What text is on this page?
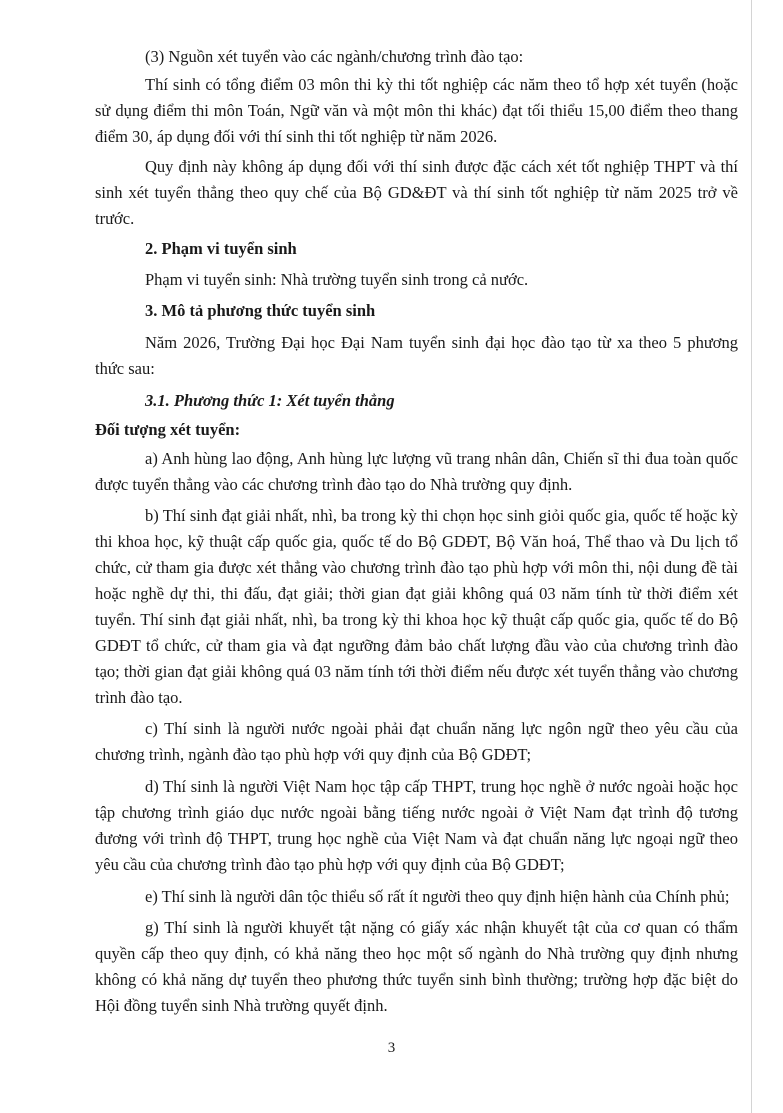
(3) Nguồn xét tuyển vào các ngành/chương trình đào tạo:

Thí sinh có tổng điểm 03 môn thi kỳ thi tốt nghiệp các năm theo tổ hợp xét tuyển (hoặc sử dụng điểm thi môn Toán, Ngữ văn và một môn thi khác) đạt tối thiểu 15,00 điểm theo thang điểm 30, áp dụng đối với thí sinh thi tốt nghiệp từ năm 2026.

Quy định này không áp dụng đối với thí sinh được đặc cách xét tốt nghiệp THPT và thí sinh xét tuyển thẳng theo quy chế của Bộ GD&ĐT và thí sinh tốt nghiệp từ năm 2025 trở về trước.

2. Phạm vi tuyển sinh

Phạm vi tuyển sinh: Nhà trường tuyển sinh trong cả nước.

3. Mô tả phương thức tuyển sinh

Năm 2026, Trường Đại học Đại Nam tuyển sinh đại học đào tạo từ xa theo 5 phương thức sau:

3.1. Phương thức 1: Xét tuyển thẳng

Đối tượng xét tuyển:

a) Anh hùng lao động, Anh hùng lực lượng vũ trang nhân dân, Chiến sĩ thi đua toàn quốc được tuyển thẳng vào các chương trình đào tạo do Nhà trường quy định.

b) Thí sinh đạt giải nhất, nhì, ba trong kỳ thi chọn học sinh giỏi quốc gia, quốc tế hoặc kỳ thi khoa học, kỹ thuật cấp quốc gia, quốc tế do Bộ GDĐT, Bộ Văn hoá, Thể thao và Du lịch tổ chức, cử tham gia được xét thẳng vào chương trình đào tạo phù hợp với môn thi, nội dung đề tài hoặc nghề dự thi, thi đấu, đạt giải; thời gian đạt giải không quá 03 năm tính từ thời điểm xét tuyển. Thí sinh đạt giải nhất, nhì, ba trong kỳ thi khoa học kỹ thuật cấp quốc gia, quốc tế do Bộ GDĐT tổ chức, cử tham gia và đạt ngưỡng đảm bảo chất lượng đầu vào của chương trình đào tạo; thời gian đạt giải không quá 03 năm tính tới thời điểm nếu được xét tuyển thẳng vào chương trình đào tạo.

c) Thí sinh là người nước ngoài phải đạt chuẩn năng lực ngôn ngữ theo yêu cầu của chương trình, ngành đào tạo phù hợp với quy định của Bộ GDĐT;

d) Thí sinh là người Việt Nam học tập cấp THPT, trung học nghề ở nước ngoài hoặc học tập chương trình giáo dục nước ngoài bằng tiếng nước ngoài ở Việt Nam đạt trình độ tương đương với trình độ THPT, trung học nghề của Việt Nam và đạt chuẩn năng lực ngoại ngữ theo yêu cầu của chương trình đào tạo phù hợp với quy định của Bộ GDĐT;

e) Thí sinh là người dân tộc thiểu số rất ít người theo quy định hiện hành của Chính phủ;

g) Thí sinh là người khuyết tật nặng có giấy xác nhận khuyết tật của cơ quan có thẩm quyền cấp theo quy định, có khả năng theo học một số ngành do Nhà trường quy định nhưng không có khả năng dự tuyển theo phương thức tuyển sinh bình thường; trường hợp đặc biệt do Hội đồng tuyển sinh Nhà trường quyết định.

3
